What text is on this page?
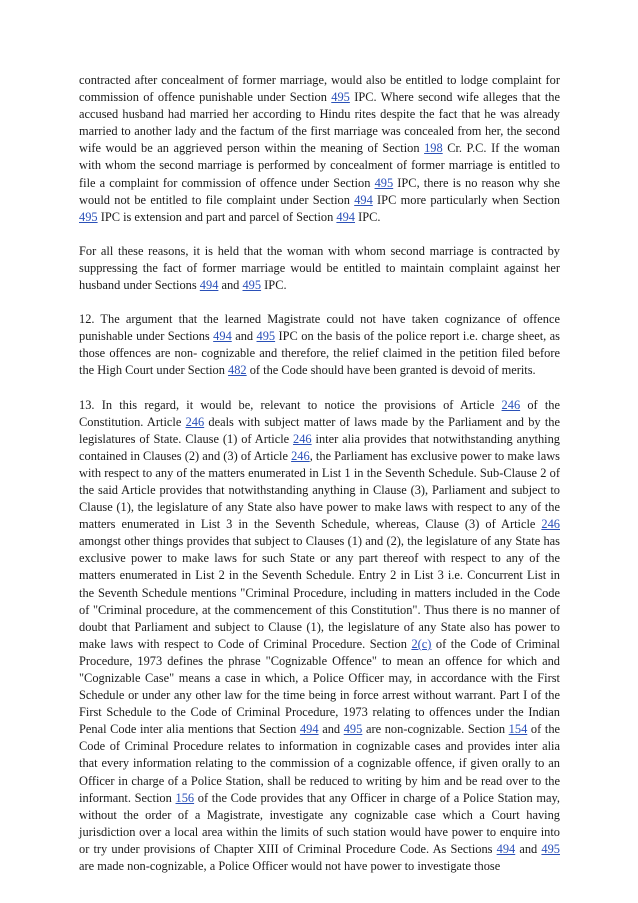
contracted after concealment of former marriage, would also be entitled to lodge complaint for commission of offence punishable under Section 495 IPC. Where second wife alleges that the accused husband had married her according to Hindu rites despite the fact that he was already married to another lady and the factum of the first marriage was concealed from her, the second wife would be an aggrieved person within the meaning of Section 198 Cr. P.C. If the woman with whom the second marriage is performed by concealment of former marriage is entitled to file a complaint for commission of offence under Section 495 IPC, there is no reason why she would not be entitled to file complaint under Section 494 IPC more particularly when Section 495 IPC is extension and part and parcel of Section 494 IPC.

For all these reasons, it is held that the woman with whom second marriage is contracted by suppressing the fact of former marriage would be entitled to maintain complaint against her husband under Sections 494 and 495 IPC.

12. The argument that the learned Magistrate could not have taken cognizance of offence punishable under Sections 494 and 495 IPC on the basis of the police report i.e. charge sheet, as those offences are non- cognizable and therefore, the relief claimed in the petition filed before the High Court under Section 482 of the Code should have been granted is devoid of merits.

13. In this regard, it would be, relevant to notice the provisions of Article 246 of the Constitution. Article 246 deals with subject matter of laws made by the Parliament and by the legislatures of State. Clause (1) of Article 246 inter alia provides that notwithstanding anything contained in Clauses (2) and (3) of Article 246, the Parliament has exclusive power to make laws with respect to any of the matters enumerated in List 1 in the Seventh Schedule. Sub-Clause 2 of the said Article provides that notwithstanding anything in Clause (3), Parliament and subject to Clause (1), the legislature of any State also have power to make laws with respect to any of the matters enumerated in List 3 in the Seventh Schedule, whereas, Clause (3) of Article 246 amongst other things provides that subject to Clauses (1) and (2), the legislature of any State has exclusive power to make laws for such State or any part thereof with respect to any of the matters enumerated in List 2 in the Seventh Schedule. Entry 2 in List 3 i.e. Concurrent List in the Seventh Schedule mentions "Criminal Procedure, including in matters included in the Code of "Criminal procedure, at the commencement of this Constitution". Thus there is no manner of doubt that Parliament and subject to Clause (1), the legislature of any State also has power to make laws with respect to Code of Criminal Procedure. Section 2(c) of the Code of Criminal Procedure, 1973 defines the phrase "Cognizable Offence" to mean an offence for which and "Cognizable Case" means a case in which, a Police Officer may, in accordance with the First Schedule or under any other law for the time being in force arrest without warrant. Part I of the First Schedule to the Code of Criminal Procedure, 1973 relating to offences under the Indian Penal Code inter alia mentions that Section 494 and 495 are non-cognizable. Section 154 of the Code of Criminal Procedure relates to information in cognizable cases and provides inter alia that every information relating to the commission of a cognizable offence, if given orally to an Officer in charge of a Police Station, shall be reduced to writing by him and be read over to the informant. Section 156 of the Code provides that any Officer in charge of a Police Station may, without the order of a Magistrate, investigate any cognizable case which a Court having jurisdiction over a local area within the limits of such station would have power to enquire into or try under provisions of Chapter XIII of Criminal Procedure Code. As Sections 494 and 495 are made non-cognizable, a Police Officer would not have power to investigate those
